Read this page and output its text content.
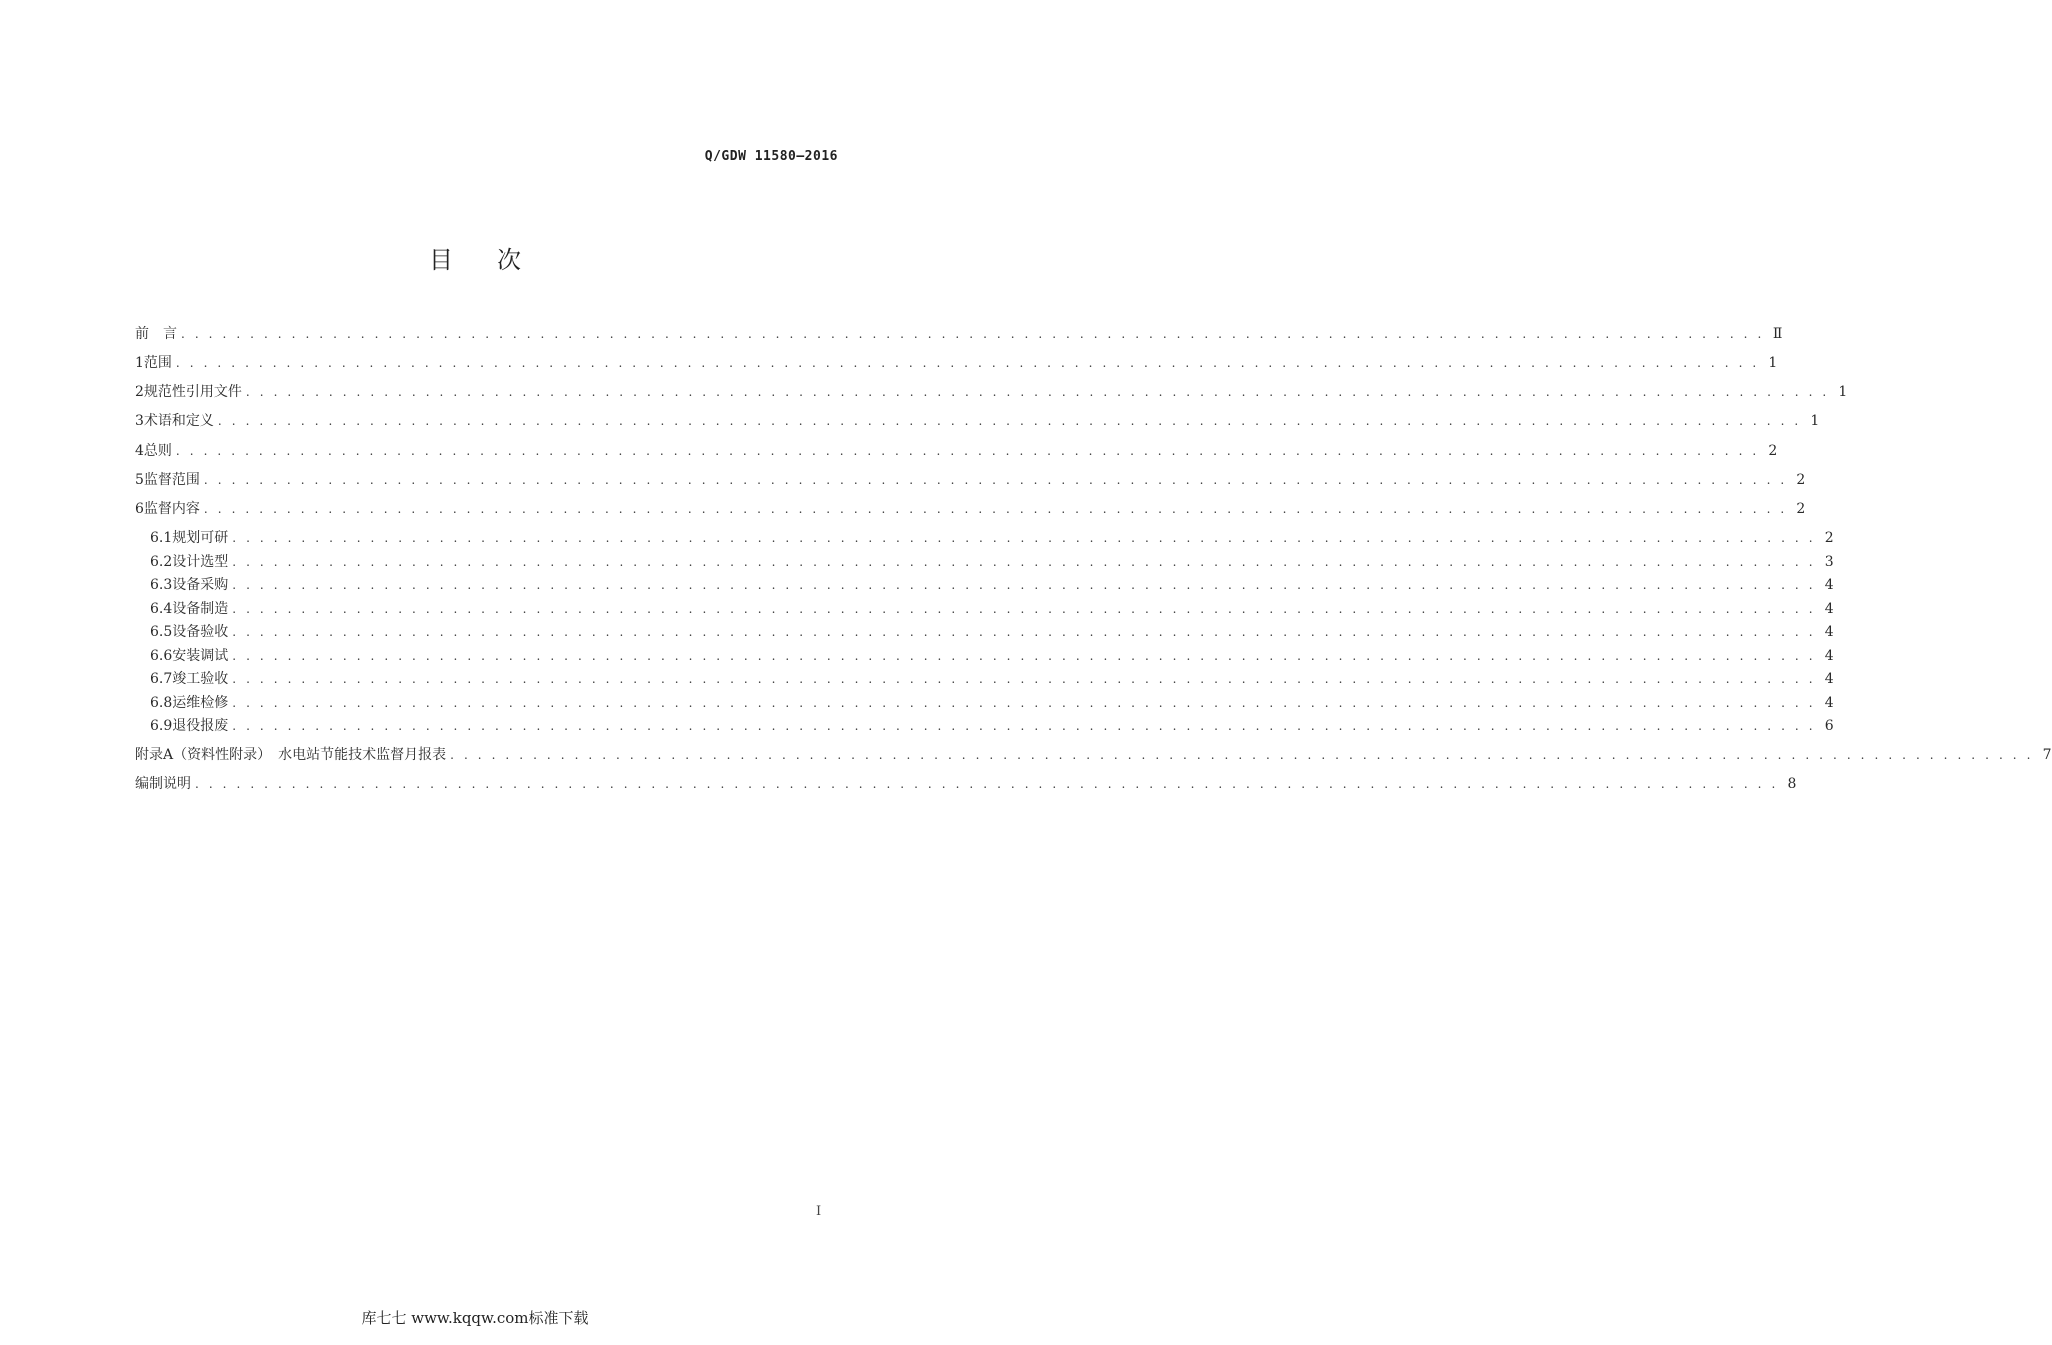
Q/GDW 11580—2016
目 次
前　言 . . . . . . . . . . . . . . . . . . . . . . . . . . . . . . . . . . . . . . . . . . . . . . . . . . . . . . . . . . . . . . . . . . . . . . . . . . . . . . . . . . . . . . . . . . . . . . . . . . . . . . . . . . . . . . . . . . . Ⅱ
1 范围 . . . . . . . . . . . . . . . . . . . . . . . . . . . . . . . . . . . . . . . . . . . . . . . . . . . . . . . . . . . . . . . . . . . . . . . . . . . . . . . . . . . . . . . . . . . . . . . . . . . . . . . . . . . . . . . . . . . 1
2 规范性引用文件 . . . . . . . . . . . . . . . . . . . . . . . . . . . . . . . . . . . . . . . . . . . . . . . . . . . . . . . . . . . . . . . . . . . . . . . . . . . . . . . . . . . . . . . . . . . . . . . . . . . . . . . . . . . . . . . . . . . 1
3 术语和定义 . . . . . . . . . . . . . . . . . . . . . . . . . . . . . . . . . . . . . . . . . . . . . . . . . . . . . . . . . . . . . . . . . . . . . . . . . . . . . . . . . . . . . . . . . . . . . . . . . . . . . . . . . . . . . . . . . . . 1
4 总则 . . . . . . . . . . . . . . . . . . . . . . . . . . . . . . . . . . . . . . . . . . . . . . . . . . . . . . . . . . . . . . . . . . . . . . . . . . . . . . . . . . . . . . . . . . . . . . . . . . . . . . . . . . . . . . . . . . . 2
5 监督范围 . . . . . . . . . . . . . . . . . . . . . . . . . . . . . . . . . . . . . . . . . . . . . . . . . . . . . . . . . . . . . . . . . . . . . . . . . . . . . . . . . . . . . . . . . . . . . . . . . . . . . . . . . . . . . . . . . . . 2
6 监督内容 . . . . . . . . . . . . . . . . . . . . . . . . . . . . . . . . . . . . . . . . . . . . . . . . . . . . . . . . . . . . . . . . . . . . . . . . . . . . . . . . . . . . . . . . . . . . . . . . . . . . . . . . . . . . . . . . . . . 2
6.1 规划可研 . . . . . . . . . . . . . . . . . . . . . . . . . . . . . . . . . . . . . . . . . . . . . . . . . . . . . . . . . . . . . . . . . . . . . . . . . . . . . . . . . . . . . . . . . . . . . . . . . . . . . . . . . . . . . . . . . . . 2
6.2 设计选型 . . . . . . . . . . . . . . . . . . . . . . . . . . . . . . . . . . . . . . . . . . . . . . . . . . . . . . . . . . . . . . . . . . . . . . . . . . . . . . . . . . . . . . . . . . . . . . . . . . . . . . . . . . . . . . . . . . . 3
6.3 设备采购 . . . . . . . . . . . . . . . . . . . . . . . . . . . . . . . . . . . . . . . . . . . . . . . . . . . . . . . . . . . . . . . . . . . . . . . . . . . . . . . . . . . . . . . . . . . . . . . . . . . . . . . . . . . . . . . . . . . 4
6.4 设备制造 . . . . . . . . . . . . . . . . . . . . . . . . . . . . . . . . . . . . . . . . . . . . . . . . . . . . . . . . . . . . . . . . . . . . . . . . . . . . . . . . . . . . . . . . . . . . . . . . . . . . . . . . . . . . . . . . . . . 4
6.5 设备验收 . . . . . . . . . . . . . . . . . . . . . . . . . . . . . . . . . . . . . . . . . . . . . . . . . . . . . . . . . . . . . . . . . . . . . . . . . . . . . . . . . . . . . . . . . . . . . . . . . . . . . . . . . . . . . . . . . . . 4
6.6 安装调试 . . . . . . . . . . . . . . . . . . . . . . . . . . . . . . . . . . . . . . . . . . . . . . . . . . . . . . . . . . . . . . . . . . . . . . . . . . . . . . . . . . . . . . . . . . . . . . . . . . . . . . . . . . . . . . . . . . . 4
6.7 竣工验收 . . . . . . . . . . . . . . . . . . . . . . . . . . . . . . . . . . . . . . . . . . . . . . . . . . . . . . . . . . . . . . . . . . . . . . . . . . . . . . . . . . . . . . . . . . . . . . . . . . . . . . . . . . . . . . . . . . . 4
6.8 运维检修 . . . . . . . . . . . . . . . . . . . . . . . . . . . . . . . . . . . . . . . . . . . . . . . . . . . . . . . . . . . . . . . . . . . . . . . . . . . . . . . . . . . . . . . . . . . . . . . . . . . . . . . . . . . . . . . . . . . 4
6.9 退役报废 . . . . . . . . . . . . . . . . . . . . . . . . . . . . . . . . . . . . . . . . . . . . . . . . . . . . . . . . . . . . . . . . . . . . . . . . . . . . . . . . . . . . . . . . . . . . . . . . . . . . . . . . . . . . . . . . . . . 6
附录A（资料性附录）　水电站节能技术监督月报表 . . . . . . . . . . . . . . . . . . . . . . . . . . . . . . . . . . . . . . . . . . . . . . . . . . . . . . . . . . . . . . . . . . . . . . . . . . . . . . . . . . . . . . . . . . . . . . . . . . . . . . . . . . . . . . . . . . . 7
编制说明 . . . . . . . . . . . . . . . . . . . . . . . . . . . . . . . . . . . . . . . . . . . . . . . . . . . . . . . . . . . . . . . . . . . . . . . . . . . . . . . . . . . . . . . . . . . . . . . . . . . . . . . . . . . . . . . . . . . 8
I
库七七 www.kqqw.com标准下载
